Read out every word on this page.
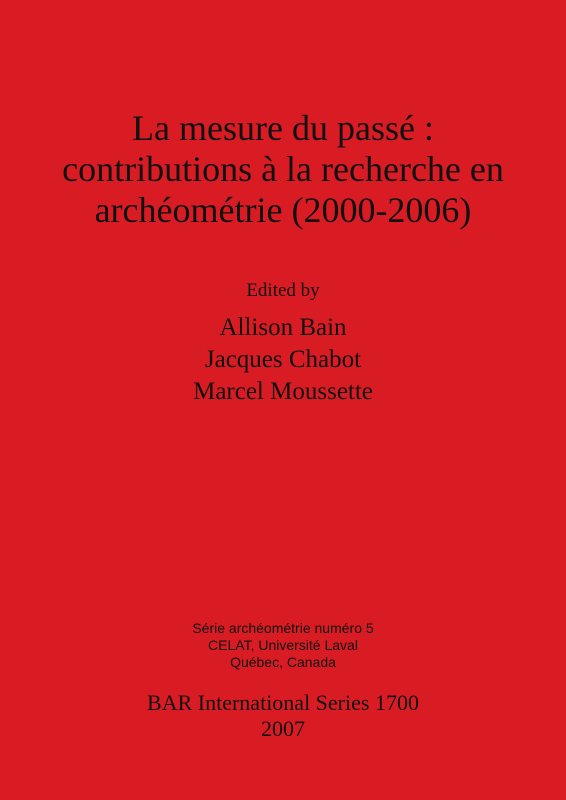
La mesure du passé :
contributions à la recherche en
archéométrie (2000-2006)
Edited by
Allison Bain
Jacques Chabot
Marcel Moussette
Série archéométrie numéro 5
CELAT, Université Laval
Québec, Canada
BAR International Series 1700
2007
